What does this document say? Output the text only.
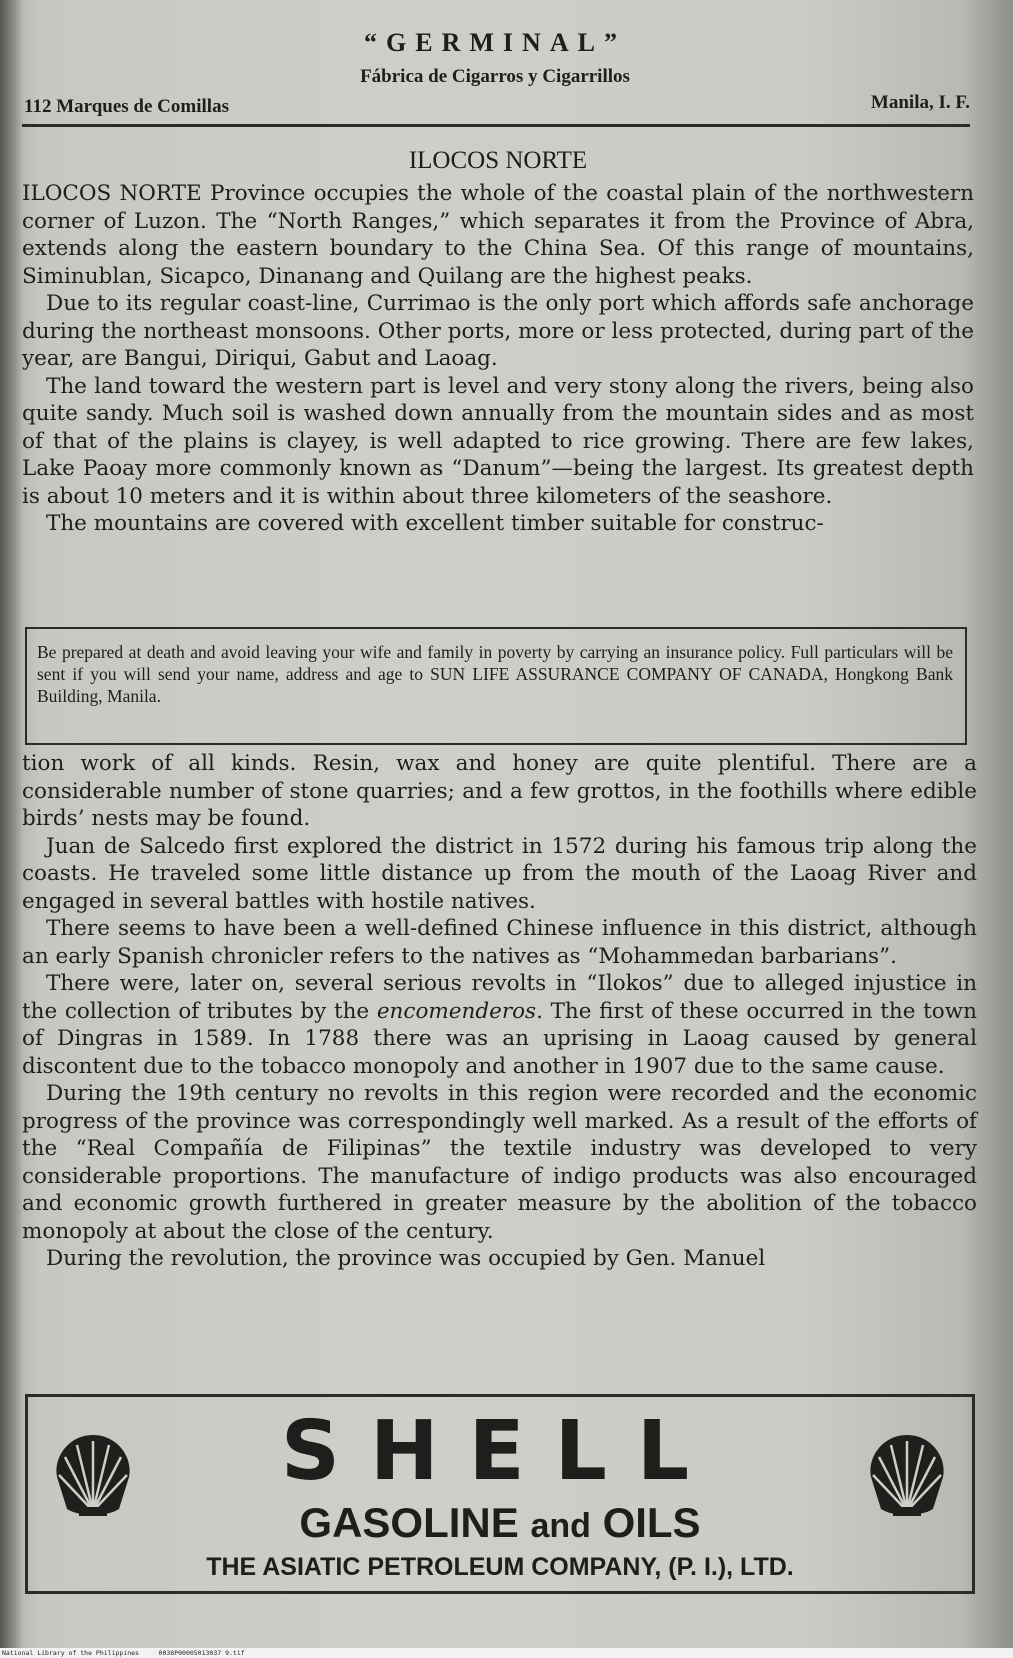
“GERMINAL”
Fábrica de Cigarros y Cigarrillos
112 Marques de Comillas	Manila, I. F.
ILOCOS NORTE

ILOCOS NORTE Province occupies the whole of the coastal plain of the northwestern corner of Luzon. The “North Ranges,” which separates it from the Province of Abra, extends along the eastern boundary to the China Sea. Of this range of mountains, Siminublan, Sicapco, Dinanang and Quilang are the highest peaks.

Due to its regular coast-line, Currimao is the only port which affords safe anchorage during the northeast monsoons. Other ports, more or less protected, during part of the year, are Bangui, Diriqui, Gabut and Laoag.

The land toward the western part is level and very stony along the rivers, being also quite sandy. Much soil is washed down annually from the mountain sides and as most of that of the plains is clayey, is well adapted to rice growing. There are few lakes, Lake Paoay more commonly known as “Danum”—being the largest. Its greatest depth is about 10 meters and it is within about three kilometers of the seashore.

The mountains are covered with excellent timber suitable for construc-

Be prepared at death and avoid leaving your wife and family in poverty by carrying an insurance policy. Full particulars will be sent if you will send your name, address and age to SUN LIFE ASSURANCE COMPANY OF CANADA, Hongkong Bank Building, Manila.

tion work of all kinds. Resin, wax and honey are quite plentiful. There are a considerable number of stone quarries; and a few grottos, in the foothills where edible birds’ nests may be found.

Juan de Salcedo first explored the district in 1572 during his famous trip along the coasts. He traveled some little distance up from the mouth of the Laoag River and engaged in several battles with hostile natives.

There seems to have been a well-defined Chinese influence in this district, although an early Spanish chronicler refers to the natives as “Mohammedan barbarians”.

There were, later on, several serious revolts in “Ilokos” due to alleged injustice in the collection of tributes by the encomenderos. The first of these occurred in the town of Dingras in 1589. In 1788 there was an uprising in Laoag caused by general discontent due to the tobacco monopoly and another in 1907 due to the same cause.

During the 19th century no revolts in this region were recorded and the economic progress of the province was correspondingly well marked. As a result of the efforts of the “Real Compañía de Filipinas” the textile industry was developed to very considerable proportions. The manufacture of indigo products was also encouraged and economic growth furthered in greater measure by the abolition of the tobacco monopoly at about the close of the century.

During the revolution, the province was occupied by Gen. Manuel

SHELL
GASOLINE and OILS
THE ASIATIC PETROLEUM COMPANY, (P. I.), LTD.
National Library of the Philippines	0038P00005013037 9.tif
